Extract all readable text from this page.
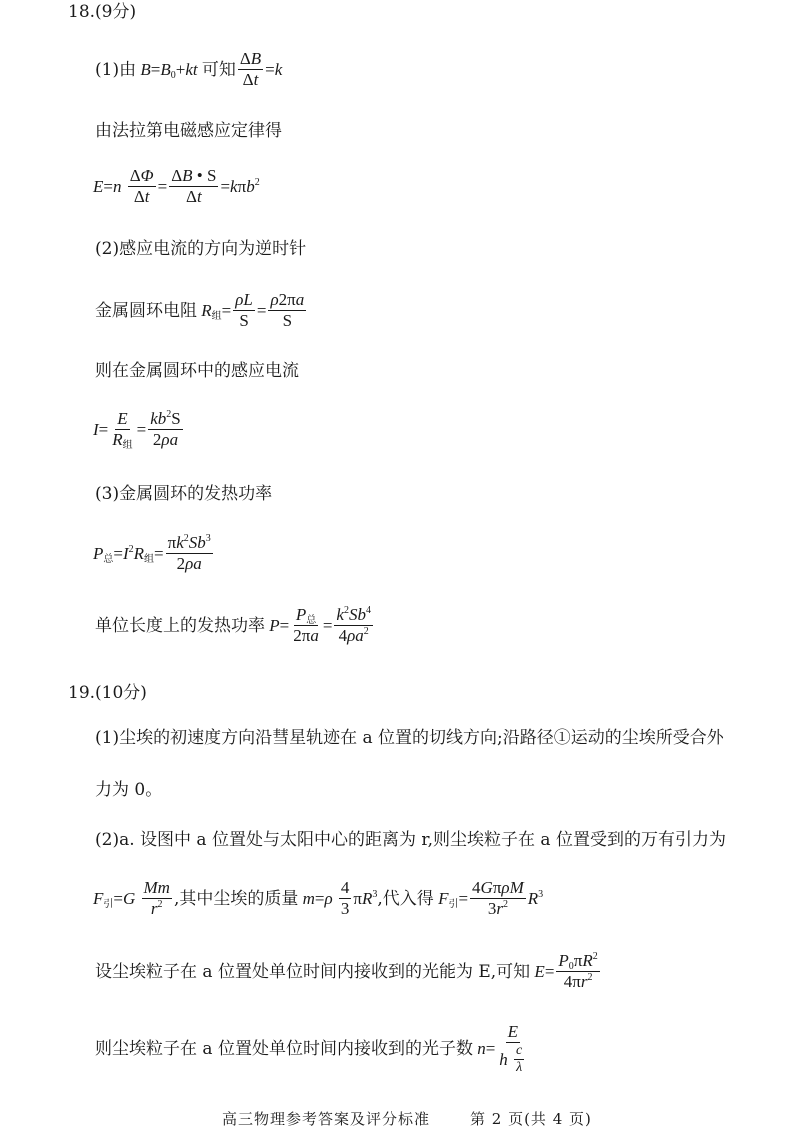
18.(9分)
(1)由 $B=B_0+kt$ 可知 $\frac{\Delta B}{\Delta t} =k$
由法拉第电磁感应定律得
$E=n \frac{\Delta\Phi}{\Delta t} = \frac{\Delta B • S}{\Delta t} =k\pi b^2$
(2)感应电流的方向为逆时针
金属圆环电阻 $R_组= \frac{\rho L}{S} = \frac{\rho 2\pi a}{S}$
则在金属圆环中的感应电流
$I= \frac{E}{R_组} = \frac{kb^2S}{2\rho a}$
(3)金属圆环的发热功率
$P_总=I^2R_组= \frac{\pi k^2Sb^3}{2\rho a}$
单位长度上的发热功率 $P= \frac{P_总}{2\pi a} = \frac{k^2Sb^4}{4\rho a^2}$
19.(10分)
(1)尘埃的初速度方向沿彗星轨迹在 a 位置的切线方向;沿路径①运动的尘埃所受合外
力为 0。
(2)a. 设图中 a 位置处与太阳中心的距离为 r,则尘埃粒子在 a 位置受到的万有引力为
$F_引=G \frac{Mm}{r^2}$ ,其中尘埃的质量 $m=\rho \frac{4}{3} \pi R^3$ ,代入得 $F_引= \frac{\text{4GπρM}}{3r^2} R^3$
设尘埃粒子在 a 位置处单位时间内接收到的光能为 E,可知 $E= \frac{P_0\pi R^2}{4\pi r^2}$
则尘埃粒子在 a 位置处单位时间内接收到的光子数 n= E
h
$\frac{c}{\lambda}$
高三物理参考答案及评分标准	第 2 页(共 4 页)
